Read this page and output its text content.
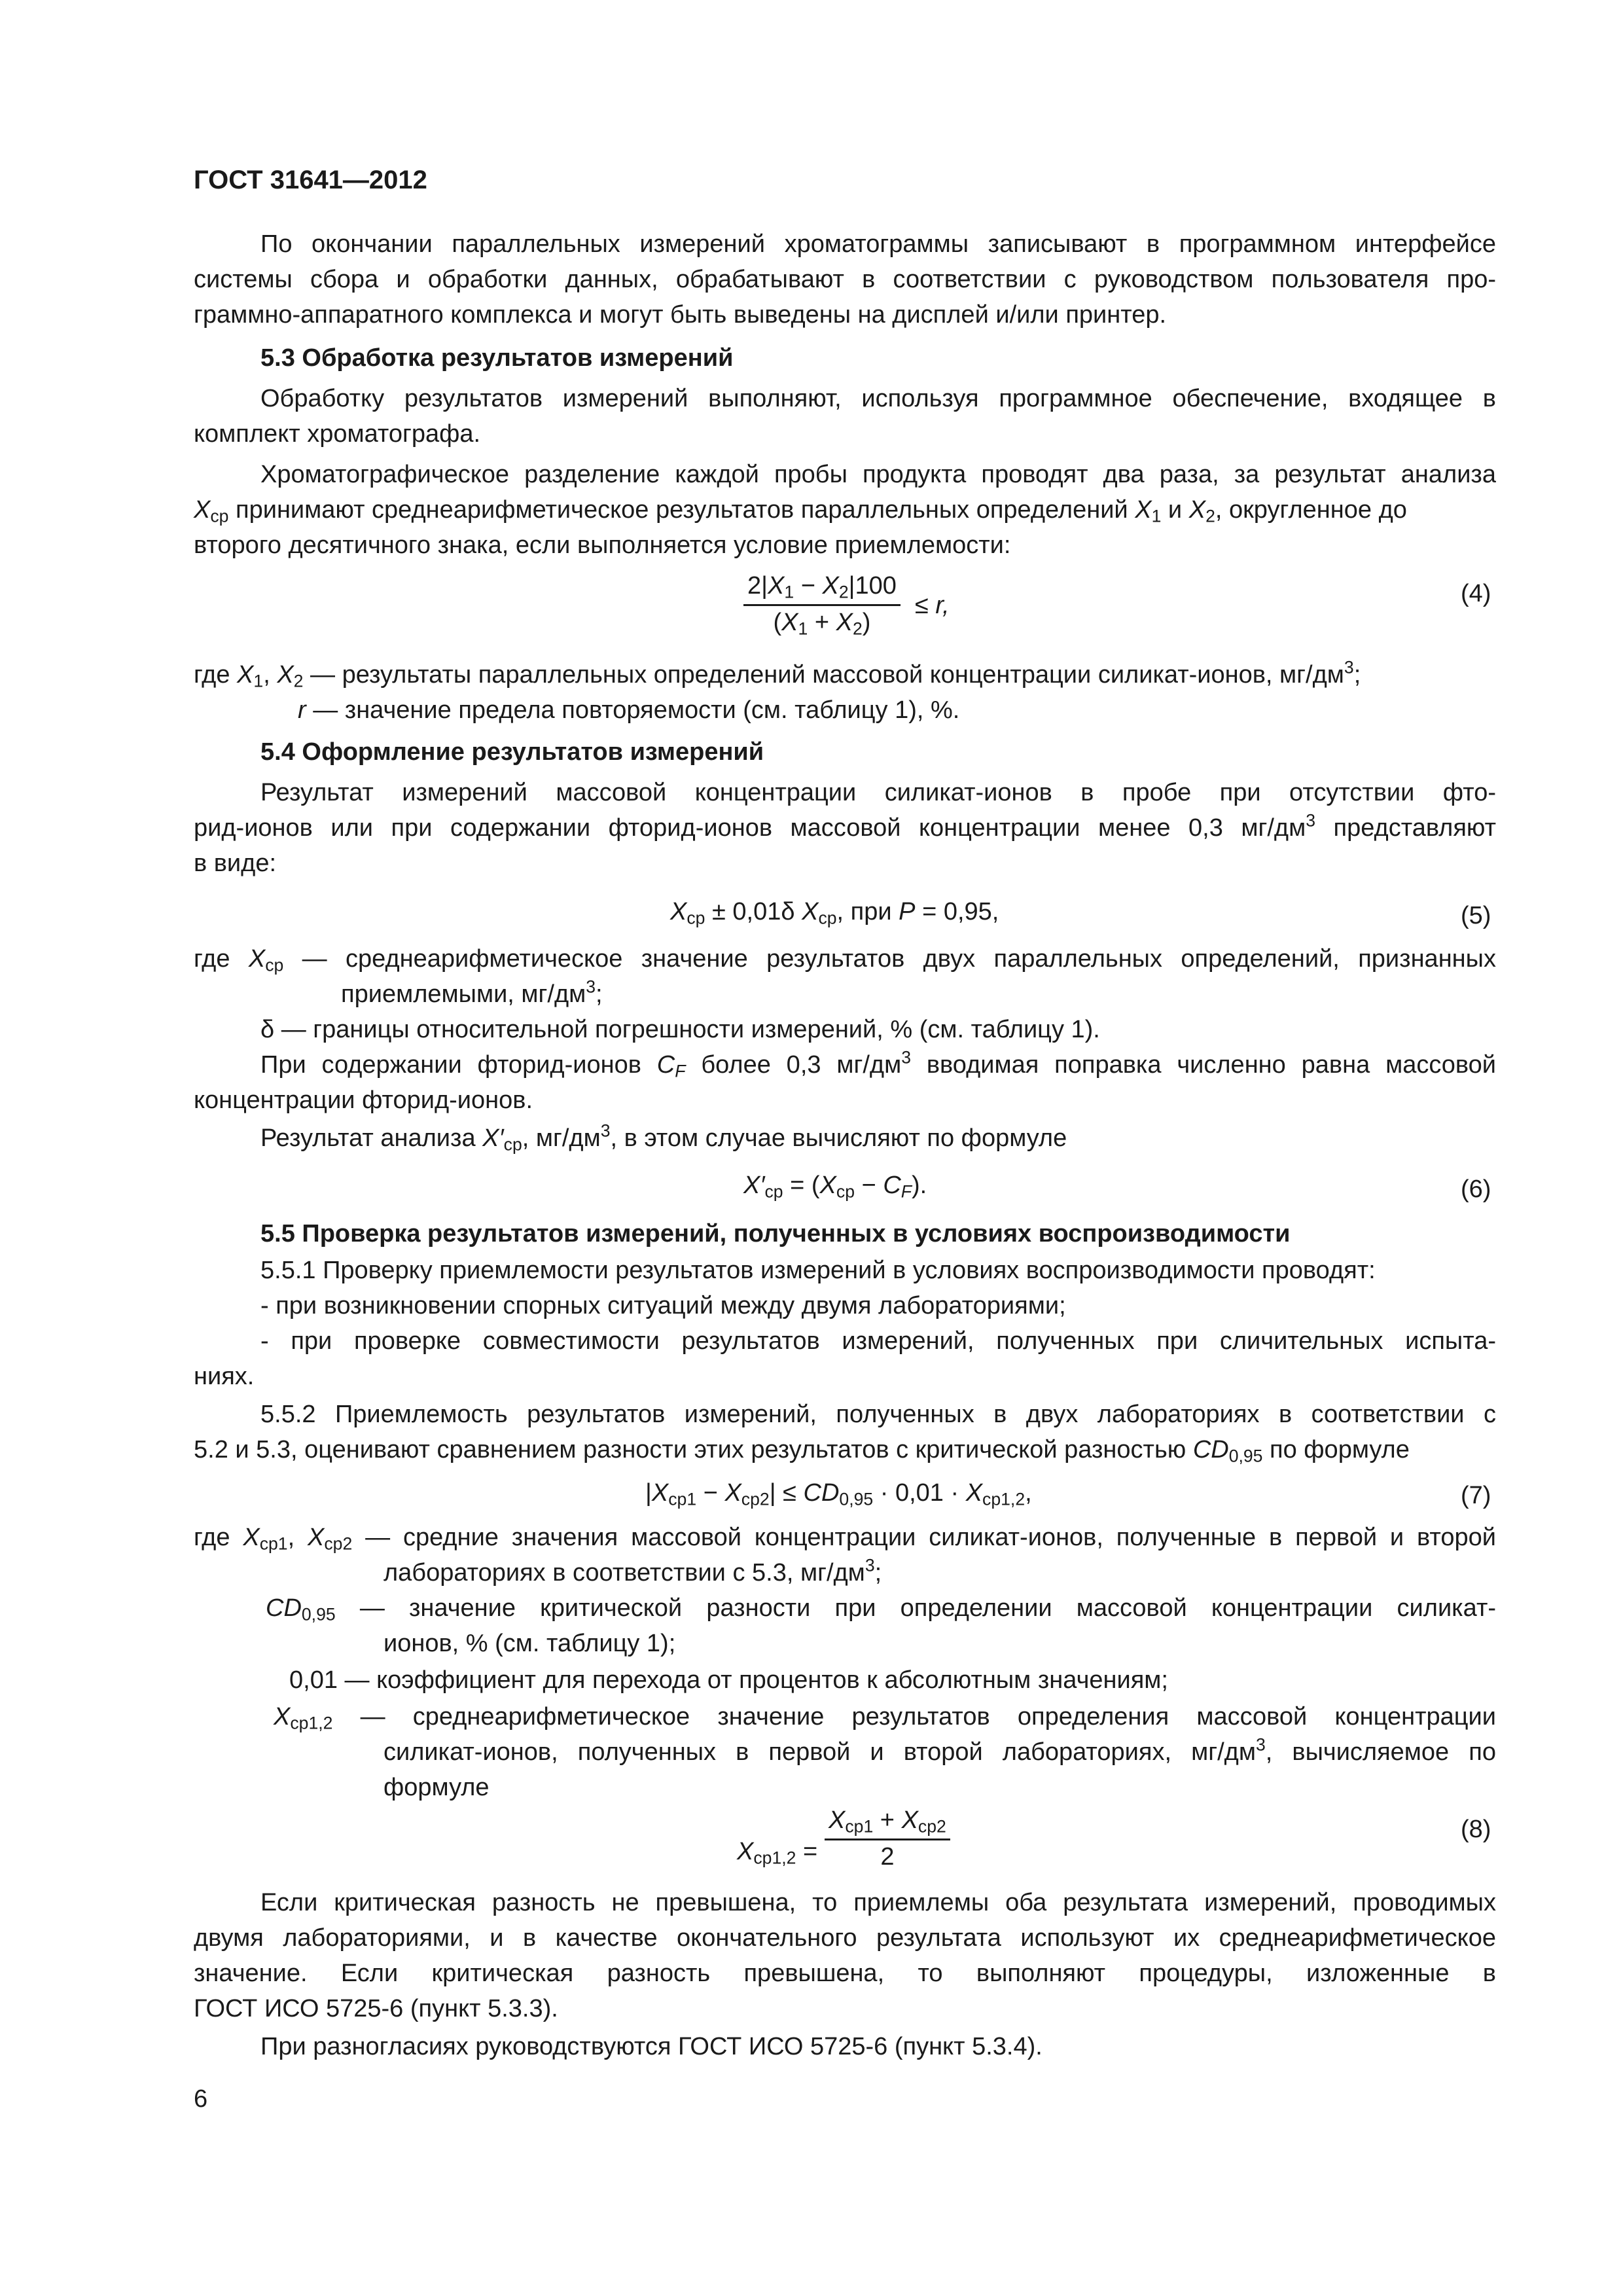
ГОСТ 31641—2012
По окончании параллельных измерений хроматограммы записывают в программном интерфейсе
системы сбора и обработки данных, обрабатывают в соответствии с руководством пользователя про-
граммно-аппаратного комплекса и могут быть выведены на дисплей и/или принтер.
5.3 Обработка результатов измерений
Обработку результатов измерений выполняют, используя программное обеспечение, входящее в
комплект хроматографа.
Хроматографическое разделение каждой пробы продукта проводят два раза, за результат анализа
$X_{ср}$ принимают среднеарифметическое результатов параллельных определений $X_1$ и $X_2$, округленное до
второго десятичного знака, если выполняется условие приемлемости:
$\frac{2|X_1 - X_2|100}{(X_1 + X_2)} \le r$,	(4)
где $X_1$, $X_2$ — результаты параллельных определений массовой концентрации силикат-ионов, $мг/дм^3$;
r — значение предела повторяемости (см. таблицу 1), %.
5.4 Оформление результатов измерений
Результат измерений массовой концентрации силикат-ионов в пробе при отсутствии фто-
рид-ионов или при содержании фторид-ионов массовой концентрации менее 0,3 $мг/дм^3$ представляют
в виде:
$X_{ср} \pm 0,01\delta$ $X_{ср}$, при P = 0,95,	(5)
где $X_{ср}$ — среднеарифметическое значение результатов двух параллельных определений, признанных
приемлемыми, $мг/дм^3$;
δ — границы относительной погрешности измерений, % (см. таблицу 1).
При содержании фторид-ионов $C_F$ более 0,3 $мг/дм^3$ вводимая поправка численно равна массовой
концентрации фторид-ионов.
Результат анализа $X'_{ср}$, $мг/дм^3$, в этом случае вычисляют по формуле
$X'_{ср} = (X_{ср} - C_F)$.	(6)
5.5 Проверка результатов измерений, полученных в условиях воспроизводимости
5.5.1 Проверку приемлемости результатов измерений в условиях воспроизводимости проводят:
- при возникновении спорных ситуаций между двумя лабораториями;
- при проверке совместимости результатов измерений, полученных при сличительных испыта-
ниях.
5.5.2 Приемлемость результатов измерений, полученных в двух лабораториях в соответствии с
5.2 и 5.3, оценивают сравнением разности этих результатов с критической разностью $CD_{0,95}$ по формуле
$|X_{ср1} - X_{ср2}| \le CD_{0,95} \cdot 0,01 \cdot X_{ср1,2}$,	(7)
где $X_{ср1}$, $X_{ср2}$ — средние значения массовой концентрации силикат-ионов, полученные в первой и второй
лабораториях в соответствии с 5.3, $мг/дм^3$;
$CD_{0,95}$ — значение критической разности при определении массовой концентрации силикат-
ионов, % (см. таблицу 1);
0,01 — коэффициент для перехода от процентов к абсолютным значениям;
$X_{ср1,2}$ — среднеарифметическое значение результатов определения массовой концентрации
силикат-ионов, полученных в первой и второй лабораториях, $мг/дм^3$, вычисляемое по
формуле
$X_{ср1,2}$ =
$X_{ср1} + X_{ср2}$
2
(8)
Если критическая разность не превышена, то приемлемы оба результата измерений, проводимых
двумя лабораториями, и в качестве окончательного результата используют их среднеарифметическое
значение. Если критическая разность превышена, то выполняют процедуры, изложенные в
ГОСТ ИСО 5725-6 (пункт 5.3.3).
При разногласиях руководствуются ГОСТ ИСО 5725-6 (пункт 5.3.4).
6
